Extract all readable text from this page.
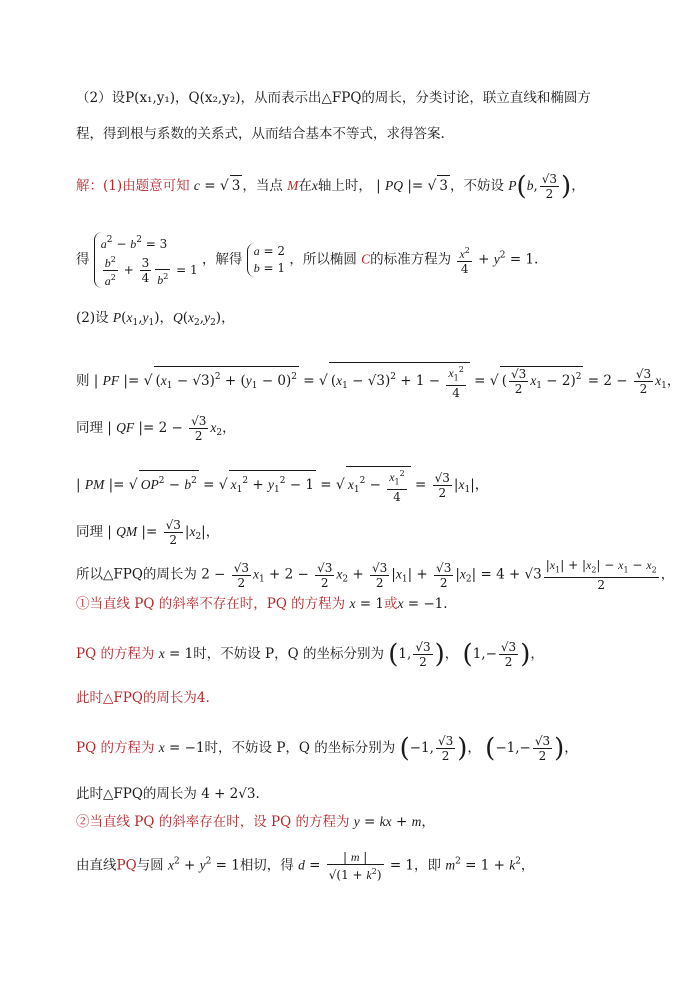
（2）设P(x₁,y₁)，Q(x₂,y₂)，从而表示出△FPQ的周长，分类讨论，联立直线和椭圆方
程，得到根与系数的关系式，从而结合基本不等式，求得答案.
解：(1)由题意可知 c = √ 3 ，当点 M在x轴上时， | PQ |= √ 3 ，不妨设 P(b, $\frac{√3}{2}$ )，
得
$a^2 - b^2 = 3$
$\frac{b^2}{a^2} + \frac{3}{4}$
$b^2 = 1$
，解得
a = 2
b = 1
，所以椭圆 C的标准方程为 $\frac{x^2}{4} + y^2 = 1$.
(2)设 $P(x_1,y_1)$，$Q(x_2,y_2)$，
则 | PF |= √ $(x_1 - √3)^2 + (y_1 - 0)^2$ = √ $(x_1 - √3)^2 + 1 - \frac{x_1^2}{4}$ = √ ( $\frac{√3}{2} x_1 - 2)^2 = 2 - \frac{√3}{2} x_1$，
同理 | QF |= $2 - \frac{√3}{2} x_2$，
| PM |= √ $OP^2 - b^2$ = √ $x_1^2 + y_1^2 - 1$ = √ $x_1^2 - \frac{x_1^2}{4} = \frac{√3}{2} |x_1|$，
同理 | QM |= $\frac{√3}{2} |x_2|$，
所以△FPQ的周长为 $2 - \frac{√3}{2} x_1 + 2 - \frac{√3}{2} x_2 + \frac{√3}{2} |x_1| + \frac{√3}{2} |x_2| = 4 + √3 \frac{|x_1| + |x_2| - x_1 - x_2}{2}$ ，
①当直线 PQ 的斜率不存在时，PQ 的方程为 x = 1或x = −1.
PQ 的方程为 x = 1时，不妨设 P，Q 的坐标分别为 (1, $\frac{√3}{2}$ )， ($1,- \frac{√3}{2}$ )，
此时△FPQ的周长为4.
PQ 的方程为 x = −1时，不妨设 P，Q 的坐标分别为 (−1, $\frac{√3}{2}$ )， ($-1,- \frac{√3}{2}$ )，
此时△FPQ的周长为 4 + 2√3.
②当直线 PQ 的斜率存在时，设 PQ 的方程为 y = kx + m，
由直线PQ与圆 $x^2 + y^2 = 1$相切，得 $d = \frac{| m |}{√(1 + k^2)} = 1$，即 $m^2 = 1 + k^2$，
